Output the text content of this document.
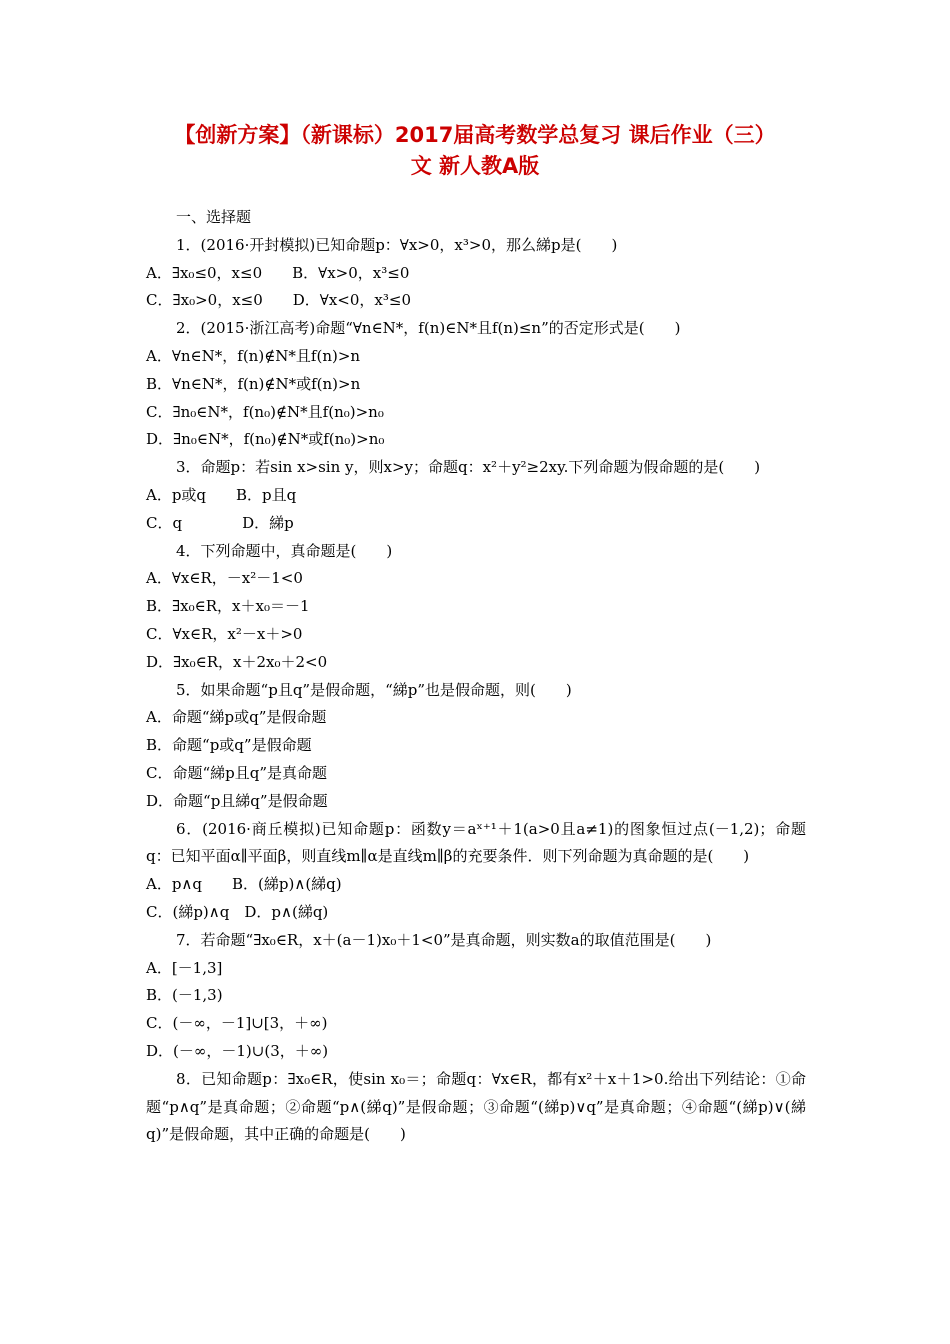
【创新方案】（新课标）2017届高考数学总复习 课后作业（三）
文 新人教A版
一、选择题
1．(2016·开封模拟)已知命题p：∀x>0，x³>0，那么綈p是(　　)
A．∃x₀≤0，x≤0　　B．∀x>0，x³≤0
C．∃x₀>0，x≤0　　D．∀x<0，x³≤0
2．(2015·浙江高考)命题“∀n∈N*，f(n)∈N*且f(n)≤n”的否定形式是(　　)
A．∀n∈N*，f(n)∉N*且f(n)>n
B．∀n∈N*，f(n)∉N*或f(n)>n
C．∃n₀∈N*，f(n₀)∉N*且f(n₀)>n₀
D．∃n₀∈N*，f(n₀)∉N*或f(n₀)>n₀
3．命题p：若sin x>sin y，则x>y；命题q：x²＋y²≥2xy.下列命题为假命题的是(　　)
A．p或q　　B．p且q
C．q　　　　D．綈p
4．下列命题中，真命题是(　　)
A．∀x∈R，－x²－1<0
B．∃x₀∈R，x＋x₀＝－1
C．∀x∈R，x²－x＋>0
D．∃x₀∈R，x＋2x₀＋2<0
5．如果命题“p且q”是假命题，“綈p”也是假命题，则(　　)
A．命题“綈p或q”是假命题
B．命题“p或q”是假命题
C．命题“綈p且q”是真命题
D．命题“p且綈q”是假命题
6．(2016·商丘模拟)已知命题p：函数y＝aˣ⁺¹＋1(a>0且a≠1)的图象恒过点(－1,2)；命题q：已知平面α∥平面β，则直线m∥α是直线m∥β的充要条件．则下列命题为真命题的是(　　)
A．p∧q　　B．(綈p)∧(綈q)
C．(綈p)∧q　D．p∧(綈q)
7．若命题“∃x₀∈R，x＋(a－1)x₀＋1<0”是真命题，则实数a的取值范围是(　　)
A．[－1,3]
B．(－1,3)
C．(－∞，－1]∪[3，＋∞)
D．(－∞，－1)∪(3，＋∞)
8．已知命题p：∃x₀∈R，使sin x₀＝；命题q：∀x∈R，都有x²＋x＋1>0.给出下列结论：①命题“p∧q”是真命题；②命题“p∧(綈q)”是假命题；③命题“(綈p)∨q”是真命题；④命题“(綈p)∨(綈q)”是假命题，其中正确的命题是(　　)
